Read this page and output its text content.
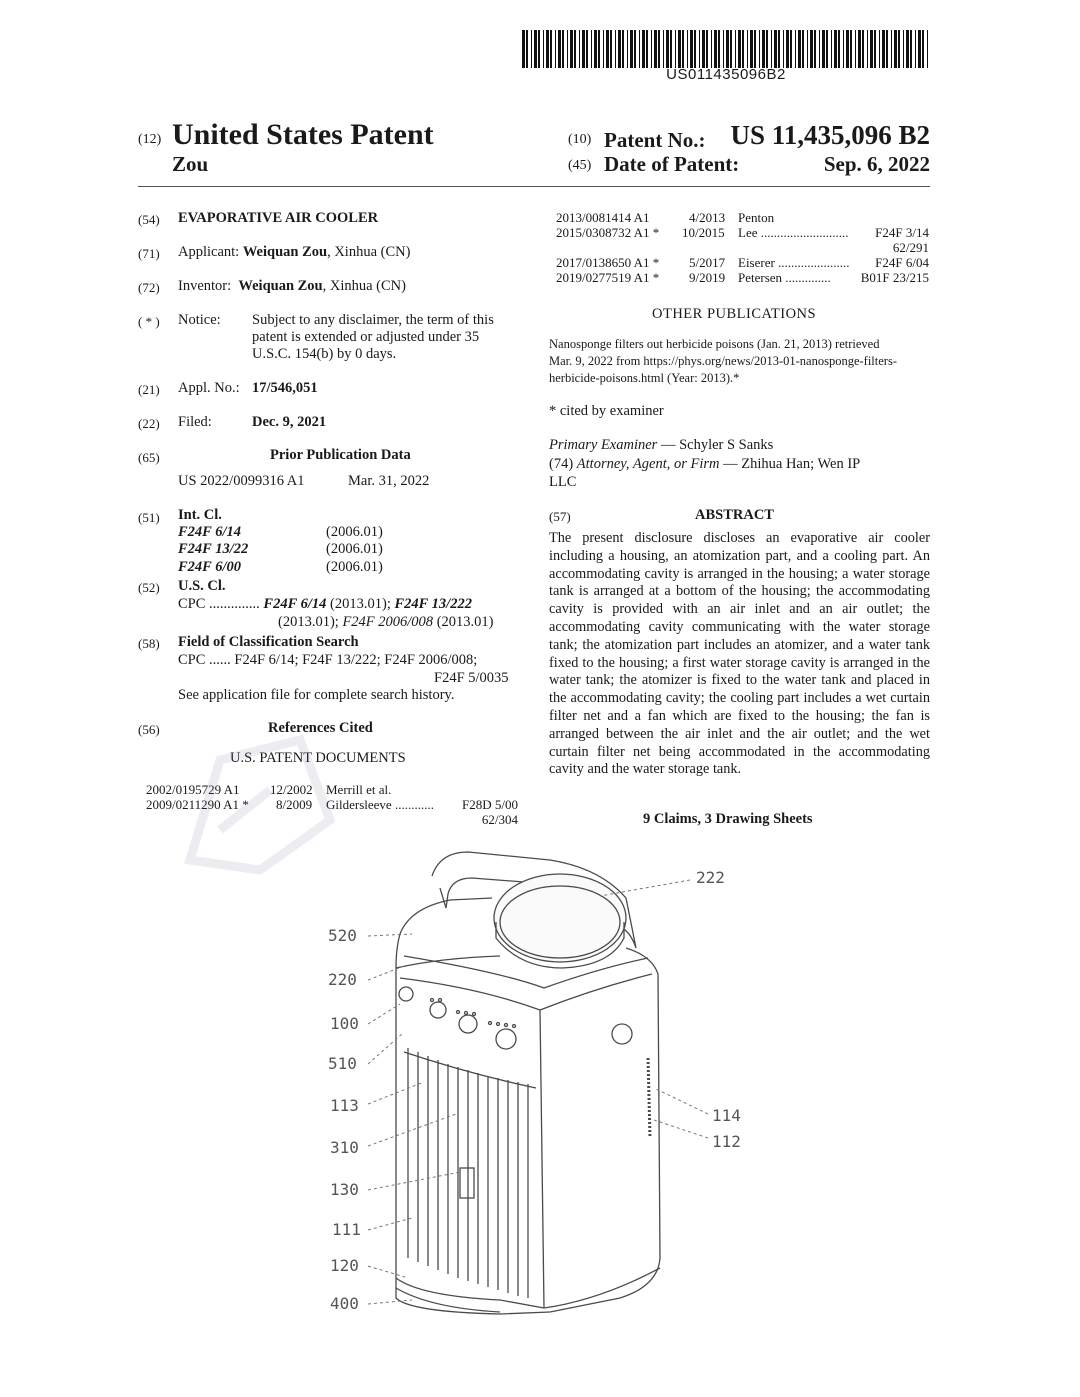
US011435096B2
(12) United States Patent
Zou
(10) Patent No.: US 11,435,096 B2
(45) Date of Patent:	Sep. 6, 2022
(54) EVAPORATIVE AIR COOLER
(71) Applicant: Weiquan Zou, Xinhua (CN)
(72) Inventor: Weiquan Zou, Xinhua (CN)
( * ) Notice: Subject to any disclaimer, the term of this
patent is extended or adjusted under 35
U.S.C. 154(b) by 0 days.
(21) Appl. No.: 17/546,051
(22) Filed:	Dec. 9, 2021
(65)	Prior Publication Data
US 2022/0099316 A1	Mar. 31, 2022
(51) Int. Cl.
F24F 6/14	(2006.01)
F24F 13/22	(2006.01)
F24F 6/00	(2006.01)
(52) U.S. Cl.
CPC .............. F24F 6/14 (2013.01); F24F 13/222
(2013.01); F24F 2006/008 (2013.01)
(58) Field of Classification Search
CPC ...... F24F 6/14; F24F 13/222; F24F 2006/008;
F24F 5/0035
See application file for complete search history.
(56)	References Cited
U.S. PATENT DOCUMENTS
2002/0195729 A1 12/2002 Merrill et al.
2009/0211290 A1 * 8/2009 Gildersleeve ............	F28D 5/00
62/304
2013/0081414 A1	4/2013 Penton
2015/0308732 A1 * 10/2015 Lee ...........................	F24F 3/14
62/291
2017/0138650 A1 * 5/2017 Eiserer ......................	F24F 6/04
2019/0277519 A1 * 9/2019 Petersen ..............	B01F 23/215
OTHER PUBLICATIONS
Nanosponge filters out herbicide poisons (Jan. 21, 2013) retrieved
Mar. 9, 2022 from https://phys.org/news/2013-01-nanosponge-filters-
herbicide-poisons.html (Year: 2013).*
* cited by examiner
Primary Examiner — Schyler S Sanks
(74) Attorney, Agent, or Firm — Zhihua Han; Wen IP
LLC
(57)	ABSTRACT
The present disclosure discloses an evaporative air cooler including a housing, an atomization part, and a cooling part. An accommodating cavity is arranged in the housing; a water storage tank is arranged at a bottom of the housing; the accommodating cavity is provided with an air inlet and an air outlet; the accommodating cavity communicating with the water storage tank; the atomization part includes an atomizer, and a water tank fixed to the housing; a first water storage cavity is arranged in the water tank; the atomizer is fixed to the water tank and placed in the accommodating cavity; the cooling part includes a wet curtain filter net and a fan which are fixed to the housing; the fan is arranged between the air inlet and the air outlet; and the wet curtain filter net being accommodated in the accommodating cavity and the water storage tank.
9 Claims, 3 Drawing Sheets
222
520
220
100
510
113
310
130
111
120
400
114
112
